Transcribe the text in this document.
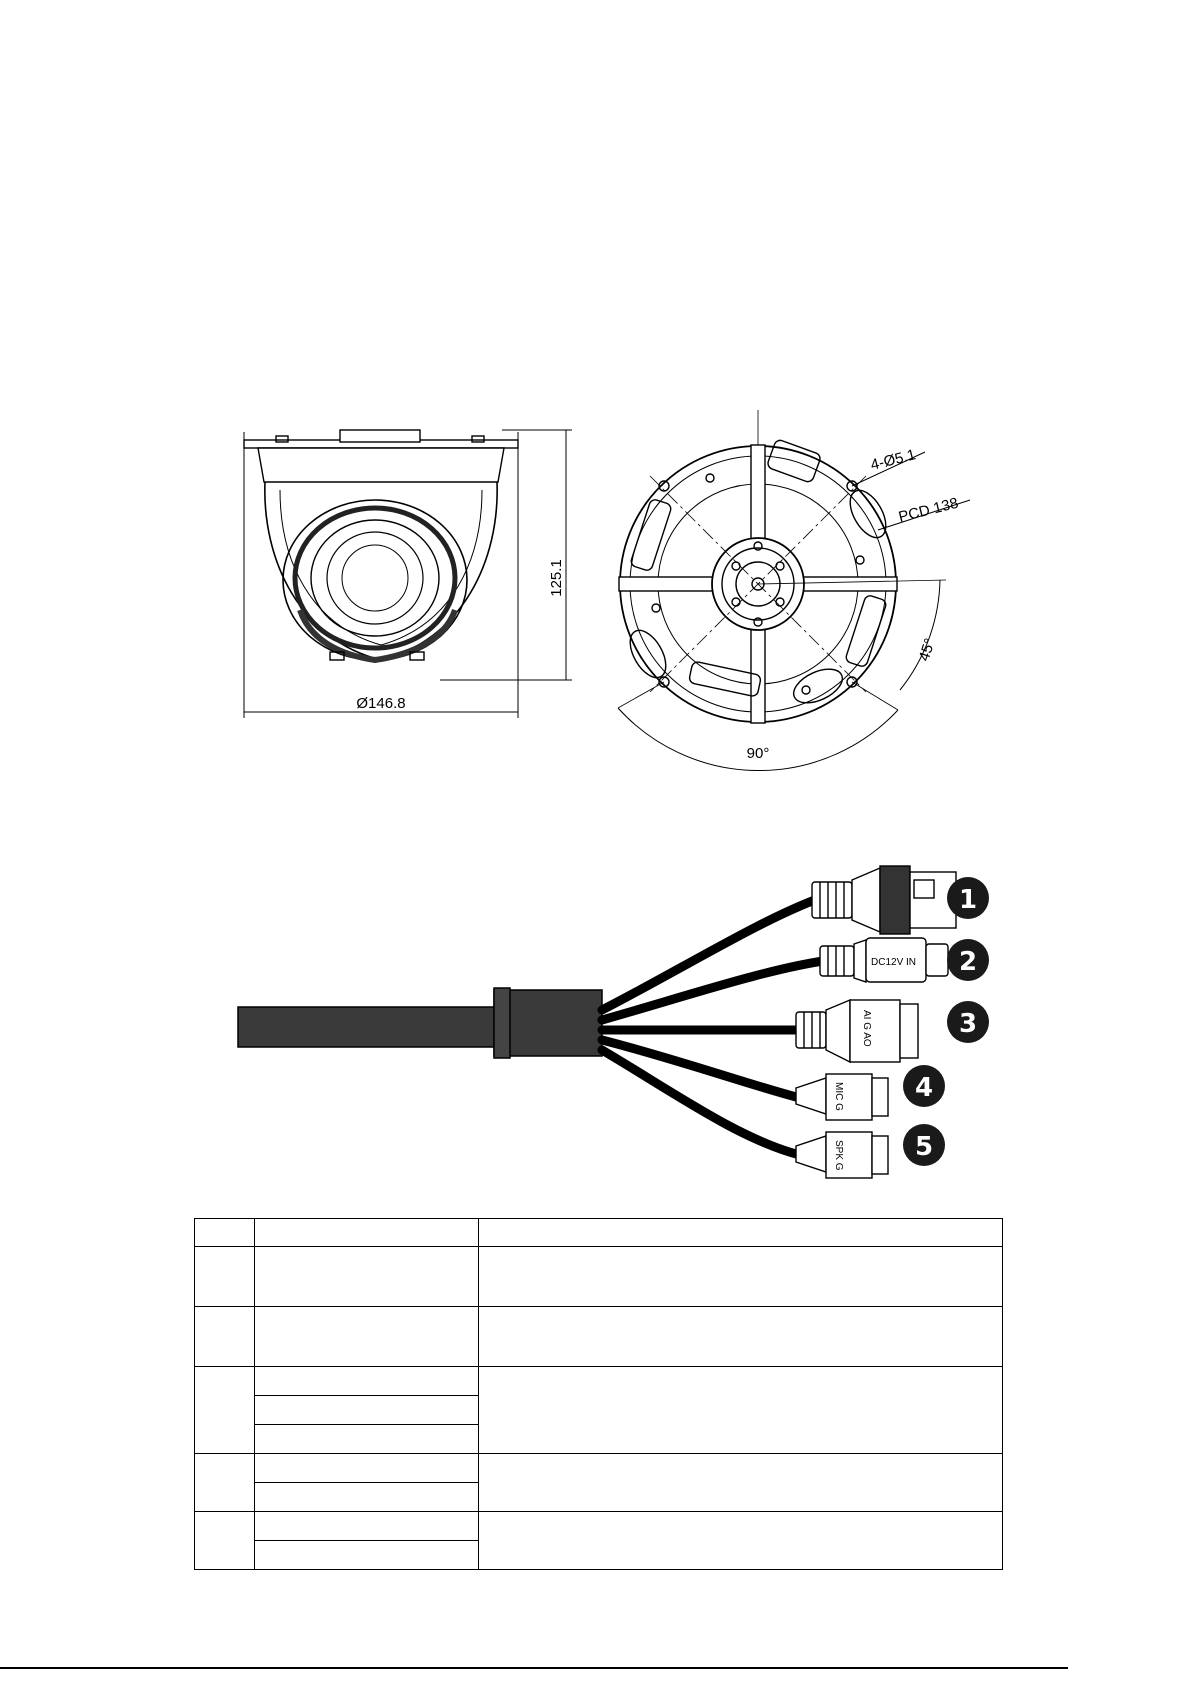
125.1
Ø146.8
4-Ø5.1
PCD 138
45°
90°
DC12V IN
AI G AO
MIC G
SPK G
1
2
3
4
5
